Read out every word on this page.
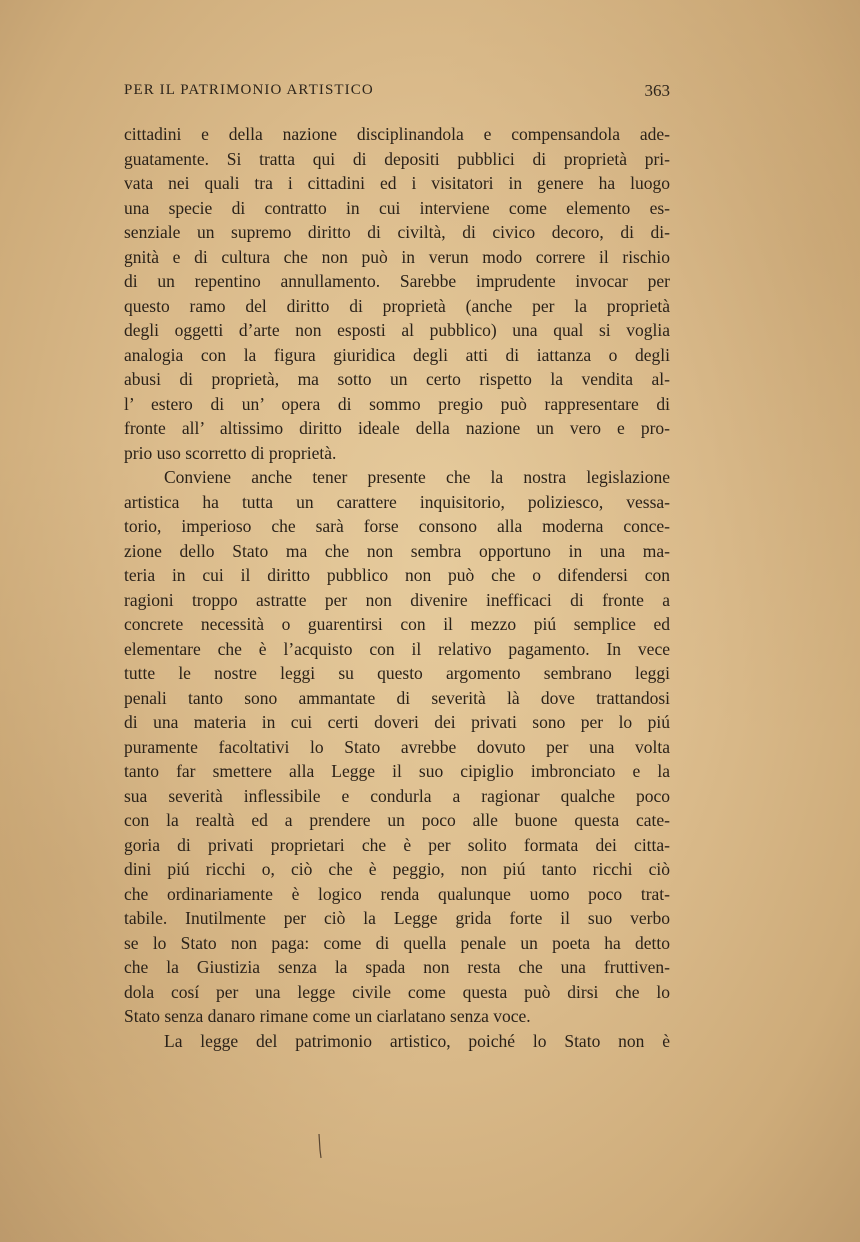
PER IL PATRIMONIO ARTISTICO	363
cittadini e della nazione disciplinandola e compensandola ade-
guatamente. Si tratta qui di depositi pubblici di proprietà pri-
vata nei quali tra i cittadini ed i visitatori in genere ha luogo
una specie di contratto in cui interviene come elemento es-
senziale un supremo diritto di civiltà, di civico decoro, di di-
gnità e di cultura che non può in verun modo correre il rischio
di un repentino annullamento. Sarebbe imprudente invocar per
questo ramo del diritto di proprietà (anche per la proprietà
degli oggetti d’arte non esposti al pubblico) una qual si voglia
analogia con la figura giuridica degli atti di iattanza o degli
abusi di proprietà, ma sotto un certo rispetto la vendita al-
l’ estero di un’ opera di sommo pregio può rappresentare di
fronte all’ altissimo diritto ideale della nazione un vero e pro-
prio uso scorretto di proprietà.
Conviene anche tener presente che la nostra legislazione
artistica ha tutta un carattere inquisitorio, poliziesco, vessa-
torio, imperioso che sarà forse consono alla moderna conce-
zione dello Stato ma che non sembra opportuno in una ma-
teria in cui il diritto pubblico non può che o difendersi con
ragioni troppo astratte per non divenire inefficaci di fronte a
concrete necessità o guarentirsi con il mezzo piú semplice ed
elementare che è l’acquisto con il relativo pagamento. In vece
tutte le nostre leggi su questo argomento sembrano leggi
penali tanto sono ammantate di severità là dove trattandosi
di una materia in cui certi doveri dei privati sono per lo piú
puramente facoltativi lo Stato avrebbe dovuto per una volta
tanto far smettere alla Legge il suo cipiglio imbronciato e la
sua severità inflessibile e condurla a ragionar qualche poco
con la realtà ed a prendere un poco alle buone questa cate-
goria di privati proprietari che è per solito formata dei citta-
dini piú ricchi o, ciò che è peggio, non piú tanto ricchi ciò
che ordinariamente è logico renda qualunque uomo poco trat-
tabile. Inutilmente per ciò la Legge grida forte il suo verbo
se lo Stato non paga: come di quella penale un poeta ha detto
che la Giustizia senza la spada non resta che una fruttiven-
dola cosí per una legge civile come questa può dirsi che lo
Stato senza danaro rimane come un ciarlatano senza voce.
La legge del patrimonio artistico, poiché lo Stato non è
